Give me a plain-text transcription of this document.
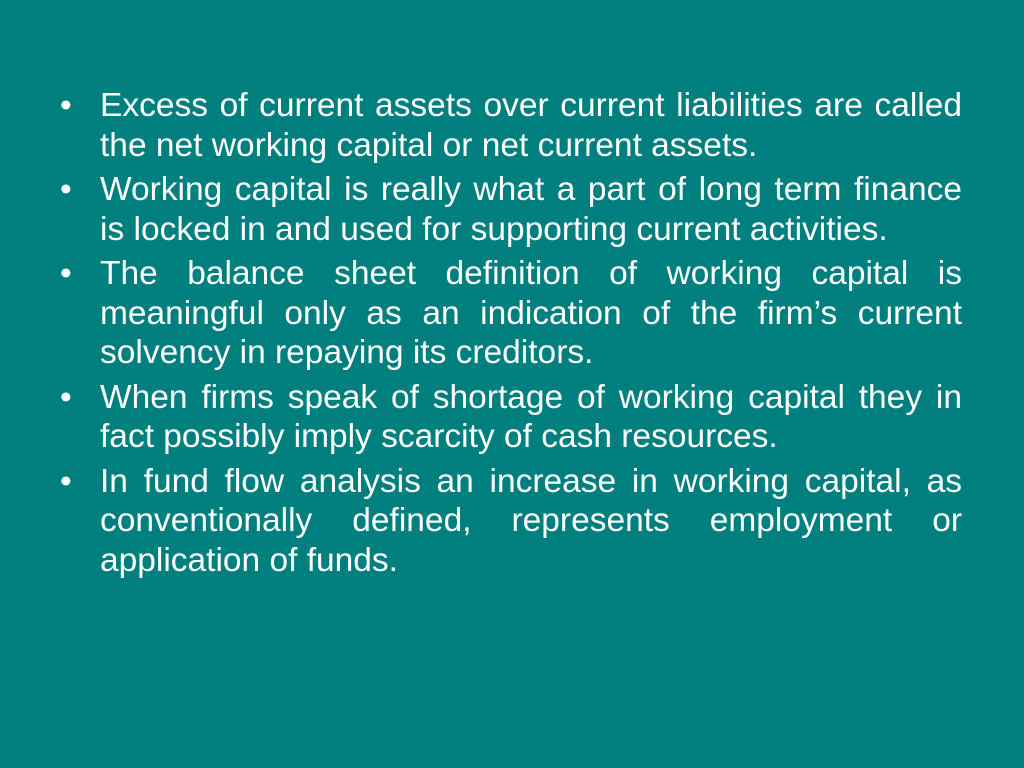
• Excess of current assets over current liabilities are called the net working capital or net current assets.
• Working capital is really what a part of long term finance is locked in and used for supporting current activities.
• The balance sheet definition of working capital is meaningful only as an indication of the firm’s current solvency in repaying its creditors.
• When firms speak of shortage of working capital they in fact possibly imply scarcity of cash resources.
• In fund flow analysis an increase in working capital, as conventionally defined, represents employment or application of funds.
